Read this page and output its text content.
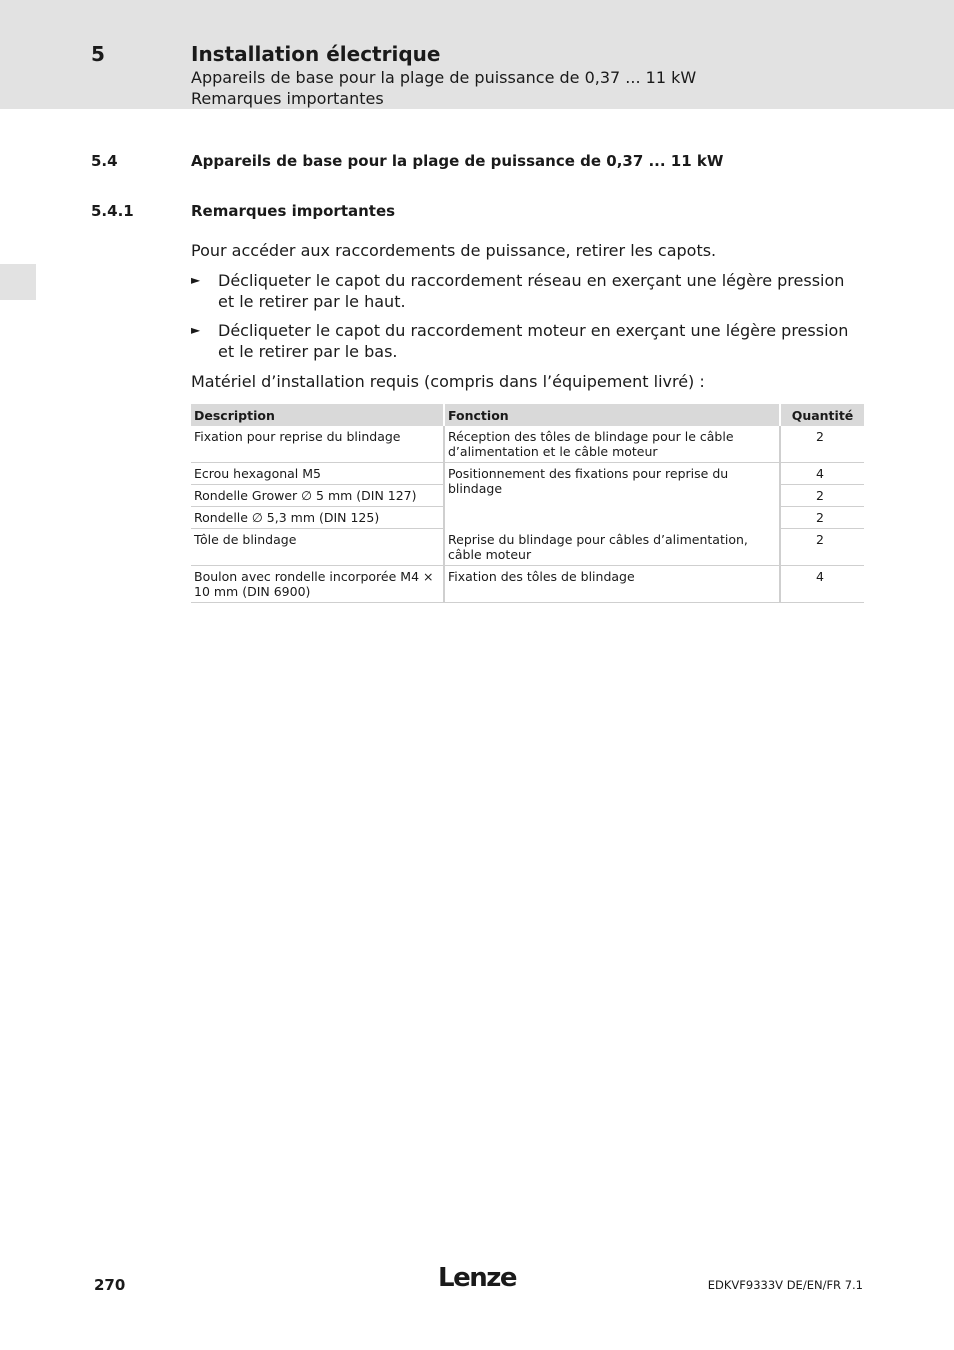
5	Installation électrique
Appareils de base pour la plage de puissance de 0,37 ... 11 kW
Remarques importantes
5.4	Appareils de base pour la plage de puissance de 0,37 ... 11 kW
5.4.1	Remarques importantes
Pour accéder aux raccordements de puissance, retirer les capots.
► Décliqueter le capot du raccordement réseau en exerçant une légère pression et le retirer par le haut.
► Décliqueter le capot du raccordement moteur en exerçant une légère pression et le retirer par le bas.
Matériel d’installation requis (compris dans l’équipement livré) :
Description	Fonction	Quantité
Fixation pour reprise du blindage	Réception des tôles de blindage pour le câble d’alimentation et le câble moteur	2
Ecrou hexagonal M5	Positionnement des fixations pour reprise du blindage	4
Rondelle Grower ∅ 5 mm (DIN 127)		2
Rondelle ∅ 5,3 mm (DIN 125)		2
Tôle de blindage	Reprise du blindage pour câbles d’alimentation, câble moteur	2
Boulon avec rondelle incorporée M4 × 10 mm (DIN 6900)	Fixation des tôles de blindage	4
270	Lenze	EDKVF9333V DE/EN/FR 7.1
